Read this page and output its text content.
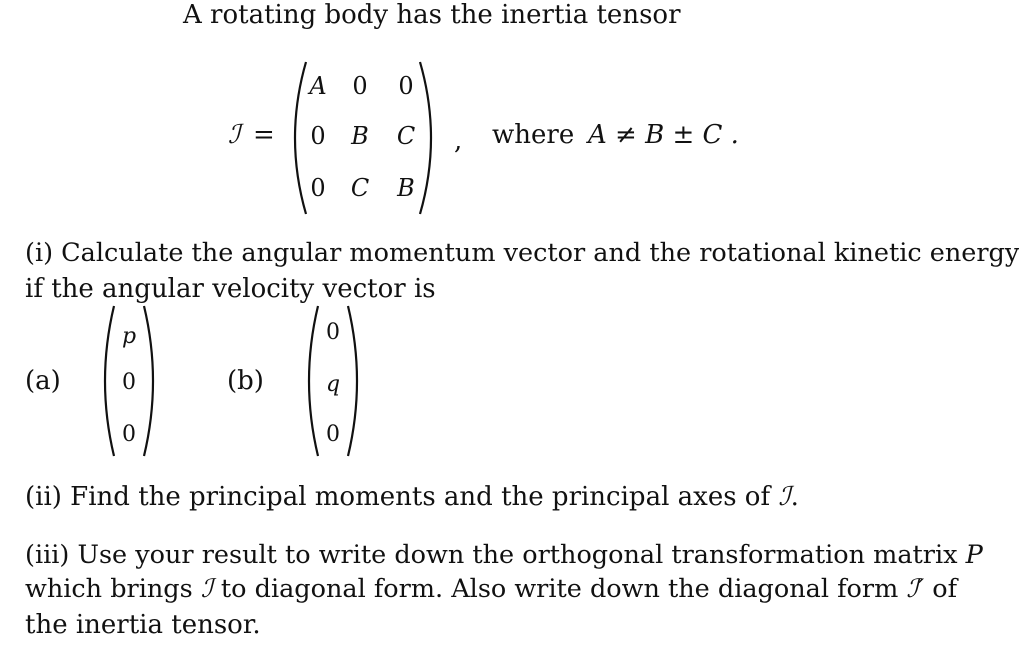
A rotating body has the inertia tensor
ℐ =
A	0	0
0	B	C
0	C	B
, where A ≠ B ± C .
(i) Calculate the angular momentum vector and the rotational kinetic energy
if the angular velocity vector is
(a)
p
0
0
(b)
0
q
0
(ii) Find the principal moments and the principal axes of ℐ.
(iii) Use your result to write down the orthogonal transformation matrix P
which brings ℐ to diagonal form. Also write down the diagonal form ℐ′ of
the inertia tensor.
